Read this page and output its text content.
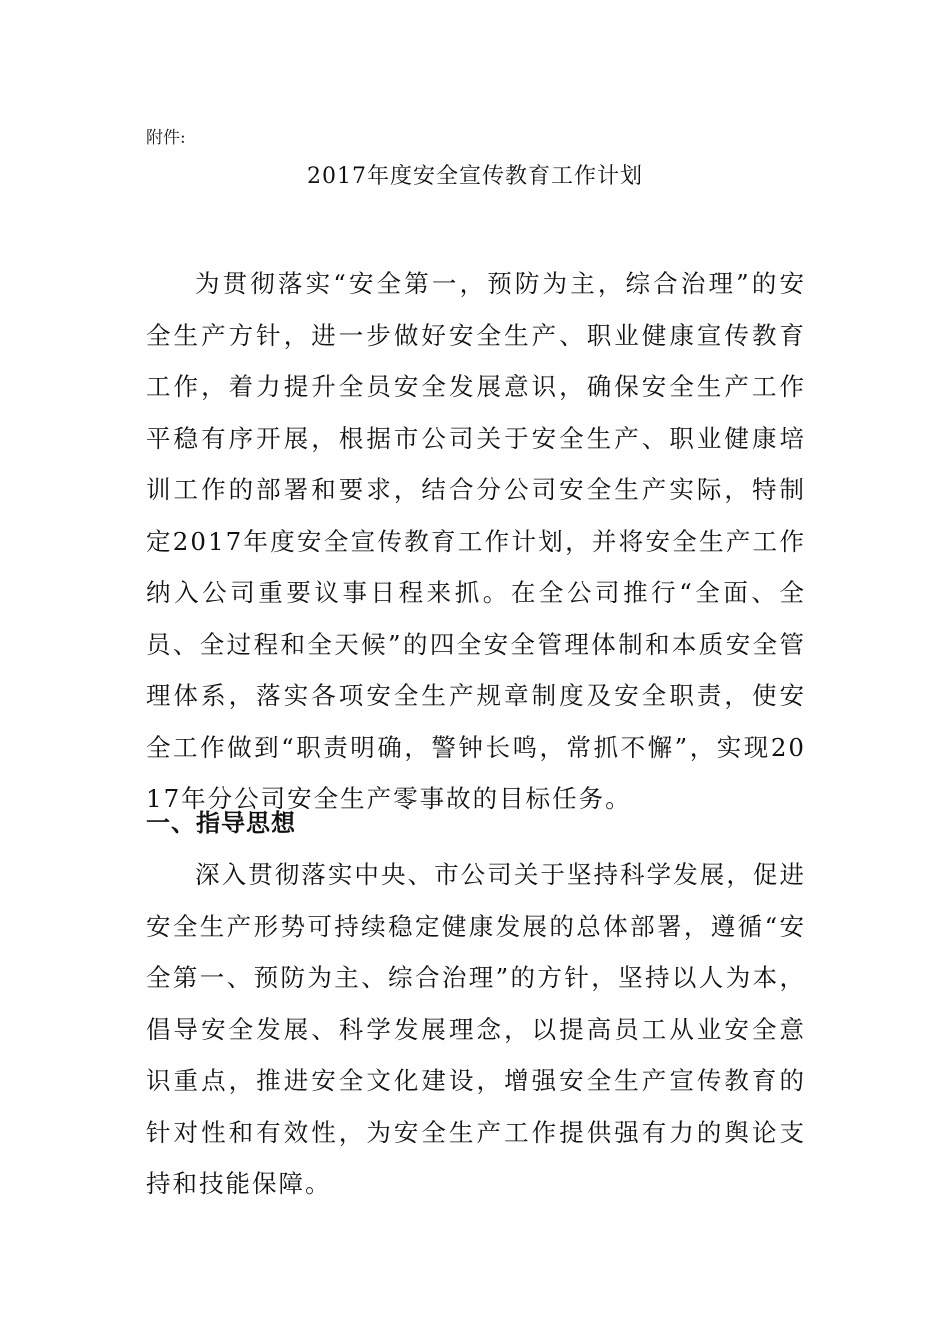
附件:
2017年度安全宣传教育工作计划

为贯彻落实“安全第一，预防为主，综合治理”的安全生产方针，进一步做好安全生产、职业健康宣传教育工作，着力提升全员安全发展意识，确保安全生产工作平稳有序开展，根据市公司关于安全生产、职业健康培训工作的部署和要求，结合分公司安全生产实际，特制定2017年度安全宣传教育工作计划，并将安全生产工作纳入公司重要议事日程来抓。在全公司推行“全面、全员、全过程和全天候”的四全安全管理体制和本质安全管理体系，落实各项安全生产规章制度及安全职责，使安全工作做到“职责明确，警钟长鸣，常抓不懈”，实现2017年分公司安全生产零事故的目标任务。

一、指导思想

深入贯彻落实中央、市公司关于坚持科学发展，促进安全生产形势可持续稳定健康发展的总体部署，遵循“安全第一、预防为主、综合治理”的方针，坚持以人为本，倡导安全发展、科学发展理念，以提高员工从业安全意识重点，推进安全文化建设，增强安全生产宣传教育的针对性和有效性，为安全生产工作提供强有力的舆论支持和技能保障。
